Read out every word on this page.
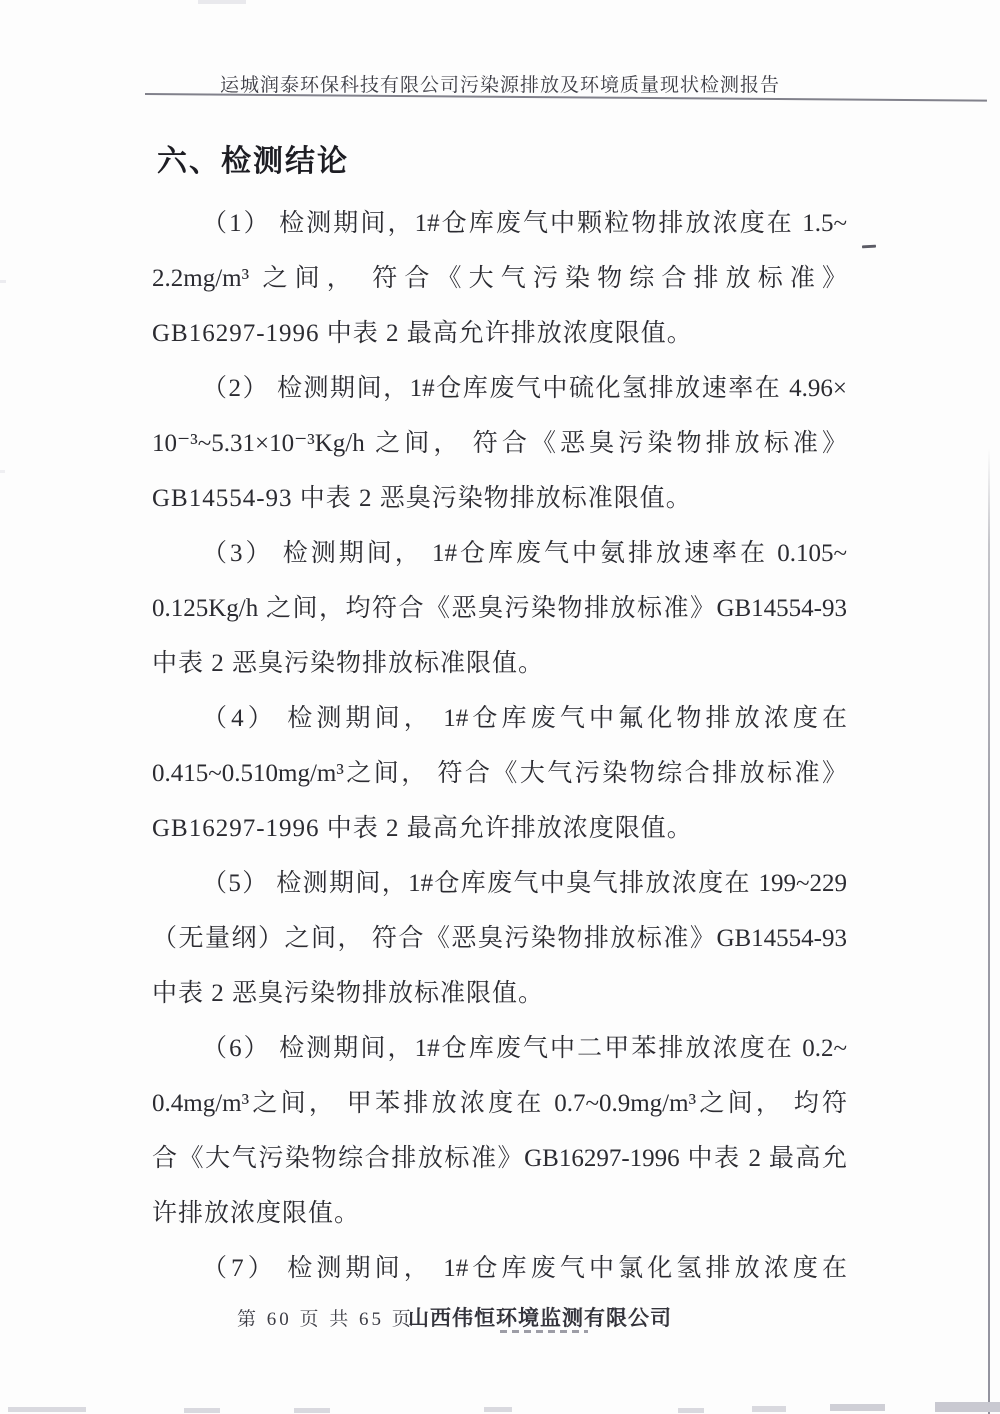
运城润泰环保科技有限公司污染源排放及环境质量现状检测报告
六、检测结论
（1） 检测期间，1#仓库废气中颗粒物排放浓度在 1.5~
2.2mg/m³ 之间， 符合《大气污染物综合排放标准》
GB16297-1996 中表 2 最高允许排放浓度限值。
（2） 检测期间，1#仓库废气中硫化氢排放速率在 4.96×
10⁻³~5.31×10⁻³Kg/h 之间， 符合《恶臭污染物排放标准》
GB14554-93 中表 2 恶臭污染物排放标准限值。
（3） 检测期间， 1#仓库废气中氨排放速率在 0.105~
0.125Kg/h 之间，均符合《恶臭污染物排放标准》GB14554-93
中表 2 恶臭污染物排放标准限值。
（4） 检测期间， 1#仓库废气中氟化物排放浓度在
0.415~0.510mg/m³之间， 符合《大气污染物综合排放标准》
GB16297-1996 中表 2 最高允许排放浓度限值。
（5） 检测期间，1#仓库废气中臭气排放浓度在 199~229
（无量纲）之间， 符合《恶臭污染物排放标准》GB14554-93
中表 2 恶臭污染物排放标准限值。
（6） 检测期间，1#仓库废气中二甲苯排放浓度在 0.2~
0.4mg/m³之间， 甲苯排放浓度在 0.7~0.9mg/m³之间， 均符
合《大气污染物综合排放标准》GB16297-1996 中表 2 最高允
许排放浓度限值。
（7） 检测期间， 1#仓库废气中氯化氢排放浓度在
第 60 页 共 65 页
山西伟恒环境监测有限公司
